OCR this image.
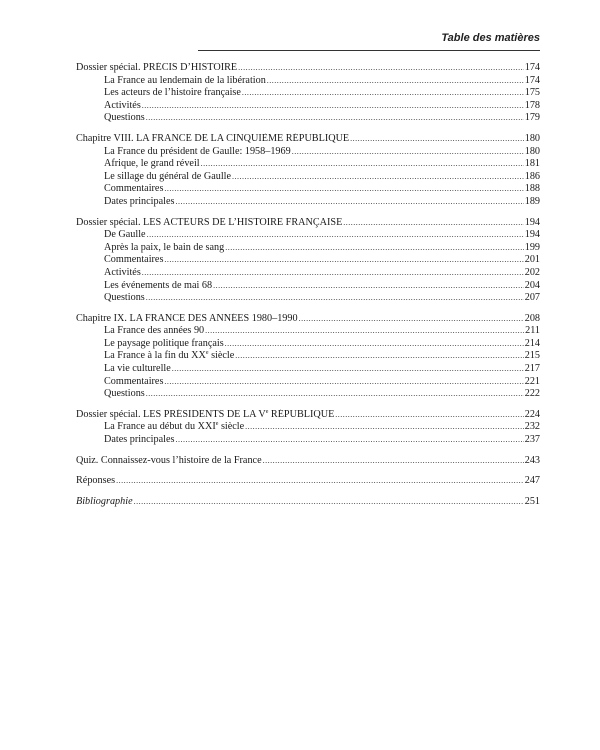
Table des matières
Dossier spécial. PRÉCIS D’HISTOIRE .....	174
La France au lendemain de la libération .....	174
Les acteurs de l’histoire française .....	175
Activités .....	178
Questions .....	179
Chapitre VIII. LA FRANCE DE LA CINQUIÈME RÉPUBLIQUE .....	180
La France du président de Gaulle: 1958–1969 .....	180
Afrique, le grand réveil .....	181
Le sillage du général de Gaulle .....	186
Commentaires .....	188
Dates principales .....	189
Dossier spécial. LES ACTEURS DE L’HISTOIRE FRANÇAISE .....	194
De Gaulle .....	194
Après la paix, le bain de sang .....	199
Commentaires .....	201
Activités .....	202
Les événements de mai 68 .....	204
Questions .....	207
Chapitre IX. LA FRANCE DES ANNÉES 1980–1990 .....	208
La France des années 90 .....	211
Le paysage politique français .....	214
La France à la fin du XXe siècle .....	215
La vie culturelle .....	217
Commentaires .....	221
Questions .....	222
Dossier spécial. LES PRÉSIDENTS DE LA Ve RÉPUBLIQUE .....	224
La France au début du XXIe siècle .....	232
Dates principales .....	237
Quiz. Connaissez-vous l’histoire de la France .....	243
Réponses .....	247
Bibliographie .....	251
